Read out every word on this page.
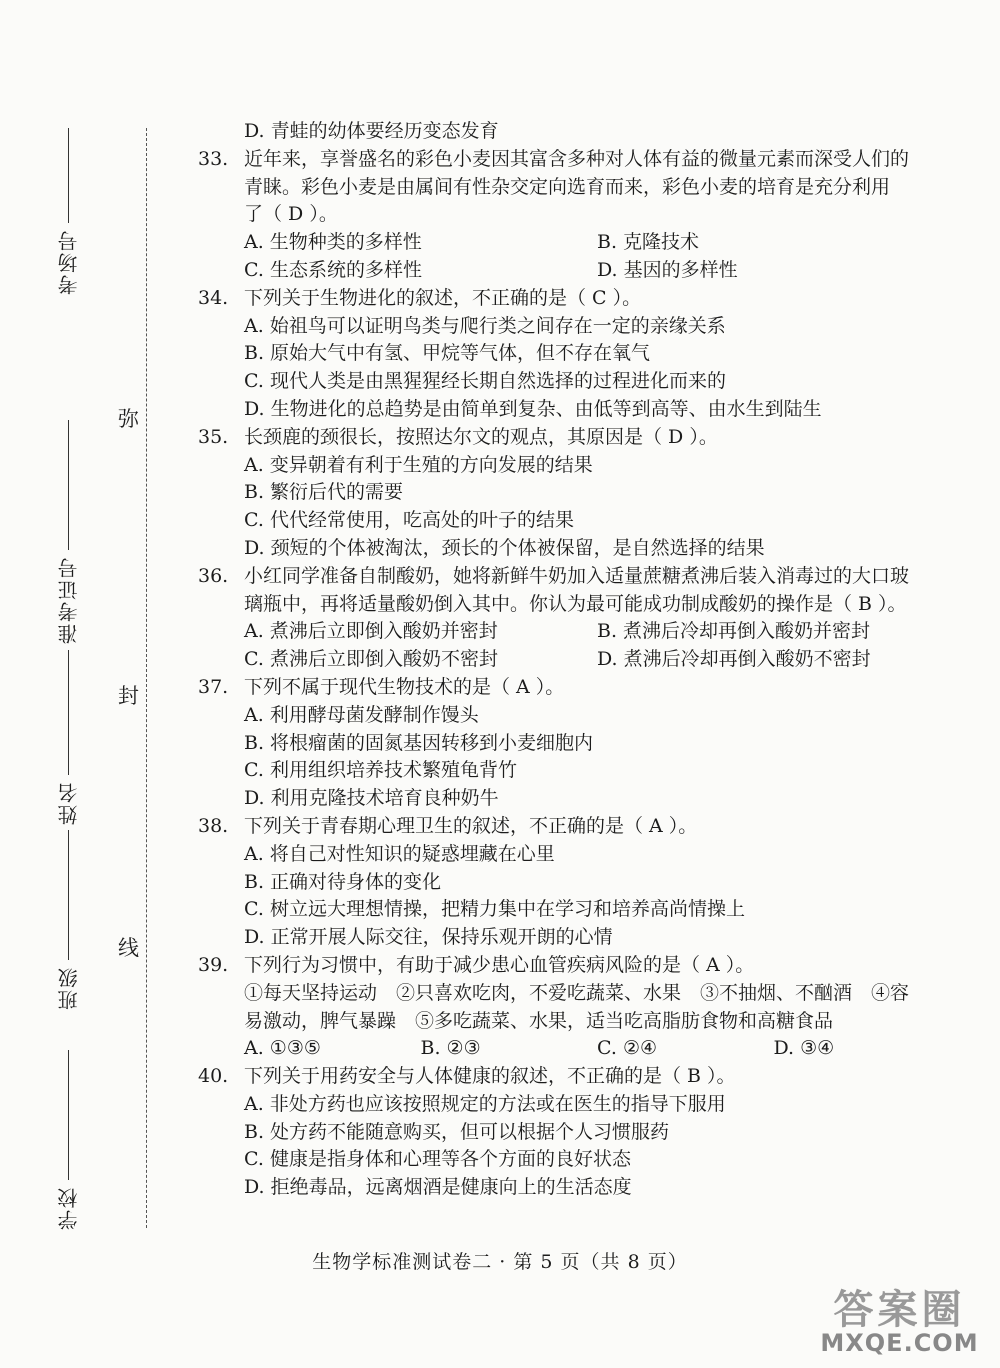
考场号
准考证号
姓名
班级
学校
弥
封
线
D. 青蛙的幼体要经历变态发育
33. 近年来，享誉盛名的彩色小麦因其富含多种对人体有益的微量元素而深受人们的
青睐。彩色小麦是由属间有性杂交定向选育而来，彩色小麦的培育是充分利用
了（ D ）。
A. 生物种类的多样性	B. 克隆技术
C. 生态系统的多样性	D. 基因的多样性
34. 下列关于生物进化的叙述，不正确的是（ C ）。
A. 始祖鸟可以证明鸟类与爬行类之间存在一定的亲缘关系
B. 原始大气中有氢、甲烷等气体，但不存在氧气
C. 现代人类是由黑猩猩经长期自然选择的过程进化而来的
D. 生物进化的总趋势是由简单到复杂、由低等到高等、由水生到陆生
35. 长颈鹿的颈很长，按照达尔文的观点，其原因是（ D ）。
A. 变异朝着有利于生殖的方向发展的结果
B. 繁衍后代的需要
C. 代代经常使用，吃高处的叶子的结果
D. 颈短的个体被淘汰，颈长的个体被保留，是自然选择的结果
36. 小红同学准备自制酸奶，她将新鲜牛奶加入适量蔗糖煮沸后装入消毒过的大口玻
璃瓶中，再将适量酸奶倒入其中。你认为最可能成功制成酸奶的操作是（ B ）。
A. 煮沸后立即倒入酸奶并密封	B. 煮沸后冷却再倒入酸奶并密封
C. 煮沸后立即倒入酸奶不密封	D. 煮沸后冷却再倒入酸奶不密封
37. 下列不属于现代生物技术的是（ A ）。
A. 利用酵母菌发酵制作馒头
B. 将根瘤菌的固氮基因转移到小麦细胞内
C. 利用组织培养技术繁殖龟背竹
D. 利用克隆技术培育良种奶牛
38. 下列关于青春期心理卫生的叙述，不正确的是（ A ）。
A. 将自己对性知识的疑惑埋藏在心里
B. 正确对待身体的变化
C. 树立远大理想情操，把精力集中在学习和培养高尚情操上
D. 正常开展人际交往，保持乐观开朗的心情
39. 下列行为习惯中，有助于减少患心血管疾病风险的是（ A ）。
①每天坚持运动　②只喜欢吃肉，不爱吃蔬菜、水果　③不抽烟、不酗酒　④容
易激动，脾气暴躁　⑤多吃蔬菜、水果，适当吃高脂肪食物和高糖食品
A. ①③⑤	B. ②③	C. ②④	D. ③④
40. 下列关于用药安全与人体健康的叙述，不正确的是（ B ）。
A. 非处方药也应该按照规定的方法或在医生的指导下服用
B. 处方药不能随意购买，但可以根据个人习惯服药
C. 健康是指身体和心理等各个方面的良好状态
D. 拒绝毒品，远离烟酒是健康向上的生活态度
生物学标准测试卷二 · 第 5 页（共 8 页）
答案圈
MXQE.COM
